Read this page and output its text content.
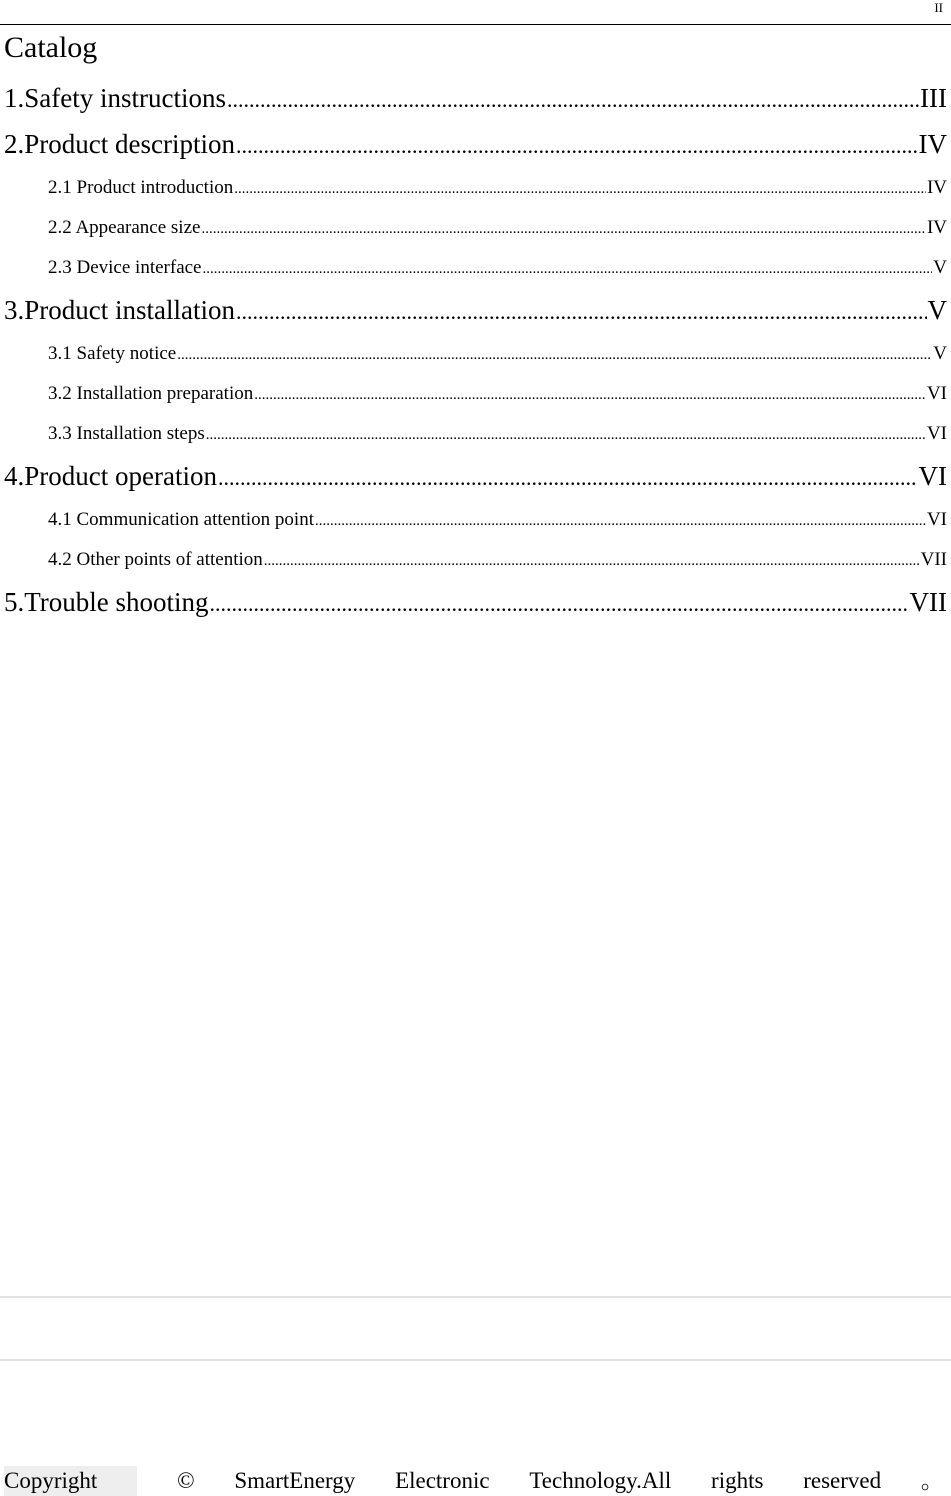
II
Catalog
1.Safety instructions .....	III
2.Product description .....	IV
2.1 Product introduction .....	IV
2.2 Appearance size .....	IV
2.3 Device interface .....	V
3.Product installation .....	V
3.1 Safety notice .....	V
3.2 Installation preparation .....	VI
3.3 Installation steps .....	VI
4.Product operation .....	VI
4.1 Communication attention point .....	VI
4.2 Other points of attention .....	VII
5.Trouble shooting .....	VII
Copyright	© SmartEnergy Electronic Technology.All rights reserved 。
